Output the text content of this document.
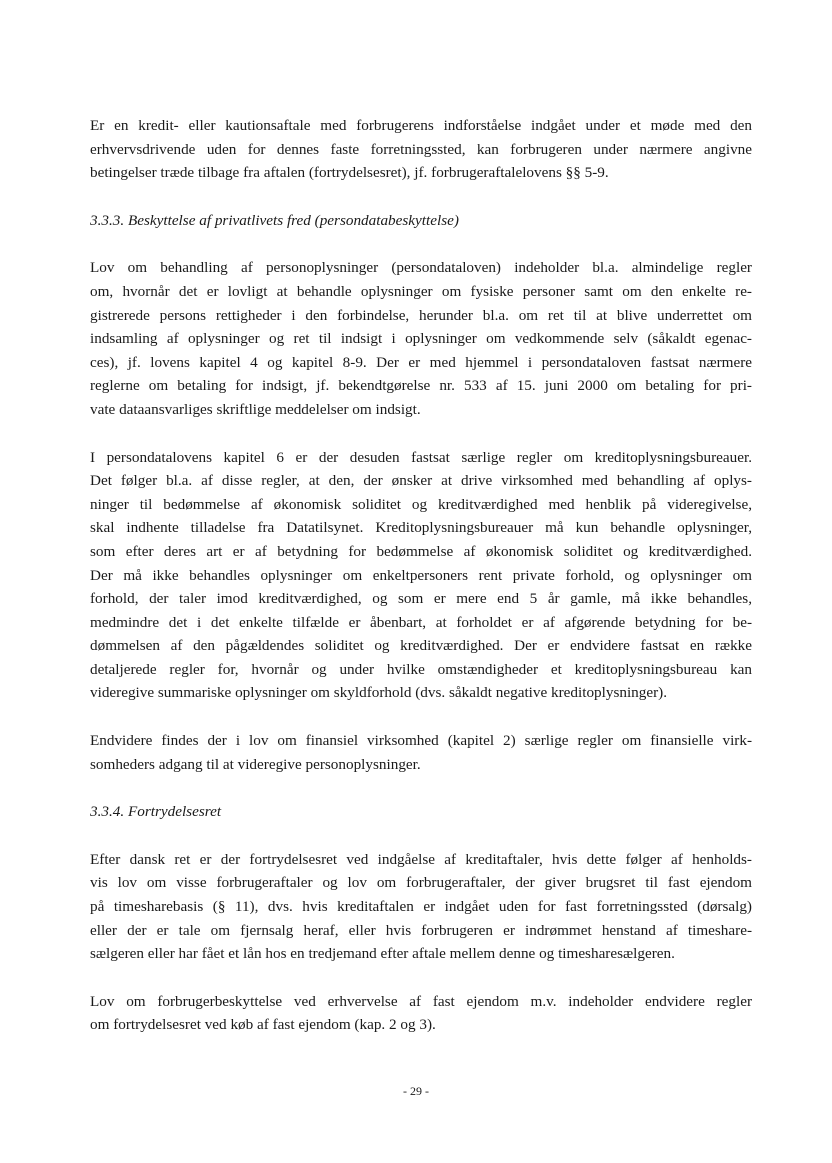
Er en kredit- eller kautionsaftale med forbrugerens indforståelse indgået under et møde med den
erhvervsdrivende uden for dennes faste forretningssted, kan forbrugeren under nærmere angivne
betingelser træde tilbage fra aftalen (fortrydelsesret), jf. forbrugeraftalelovens §§ 5-9.

3.3.3. Beskyttelse af privatlivets fred (persondatabeskyttelse)

Lov om behandling af personoplysninger (persondataloven) indeholder bl.a. almindelige regler
om, hvornår det er lovligt at behandle oplysninger om fysiske personer samt om den enkelte re-
gistrerede persons rettigheder i den forbindelse, herunder bl.a. om ret til at blive underrettet om
indsamling af oplysninger og ret til indsigt i oplysninger om vedkommende selv (såkaldt egenac-
ces), jf. lovens kapitel 4 og kapitel 8-9. Der er med hjemmel i persondataloven fastsat nærmere
reglerne om betaling for indsigt, jf. bekendtgørelse nr. 533 af 15. juni 2000 om betaling for pri-
vate dataansvarliges skriftlige meddelelser om indsigt.

I persondatalovens kapitel 6 er der desuden fastsat særlige regler om kreditoplysningsbureauer.
Det følger bl.a. af disse regler, at den, der ønsker at drive virksomhed med behandling af oplys-
ninger til bedømmelse af økonomisk soliditet og kreditværdighed med henblik på videregivelse,
skal indhente tilladelse fra Datatilsynet. Kreditoplysningsbureauer må kun behandle oplysninger,
som efter deres art er af betydning for bedømmelse af økonomisk soliditet og kreditværdighed.
Der må ikke behandles oplysninger om enkeltpersoners rent private forhold, og oplysninger om
forhold, der taler imod kreditværdighed, og som er mere end 5 år gamle, må ikke behandles,
medmindre det i det enkelte tilfælde er åbenbart, at forholdet er af afgørende betydning for be-
dømmelsen af den pågældendes soliditet og kreditværdighed. Der er endvidere fastsat en række
detaljerede regler for, hvornår og under hvilke omstændigheder et kreditoplysningsbureau kan
videregive summariske oplysninger om skyldforhold (dvs. såkaldt negative kreditoplysninger).

Endvidere findes der i lov om finansiel virksomhed (kapitel 2) særlige regler om finansielle virk-
somheders adgang til at videregive personoplysninger.

3.3.4. Fortrydelsesret

Efter dansk ret er der fortrydelsesret ved indgåelse af kreditaftaler, hvis dette følger af henholds-
vis lov om visse forbrugeraftaler og lov om forbrugeraftaler, der giver brugsret til fast ejendom
på timesharebasis (§ 11), dvs. hvis kreditaftalen er indgået uden for fast forretningssted (dørsalg)
eller der er tale om fjernsalg heraf, eller hvis forbrugeren er indrømmet henstand af timeshare-
sælgeren eller har fået et lån hos en tredjemand efter aftale mellem denne og timesharesælgeren.

Lov om forbrugerbeskyttelse ved erhvervelse af fast ejendom m.v. indeholder endvidere regler
om fortrydelsesret ved køb af fast ejendom (kap. 2 og 3).

- 29 -
